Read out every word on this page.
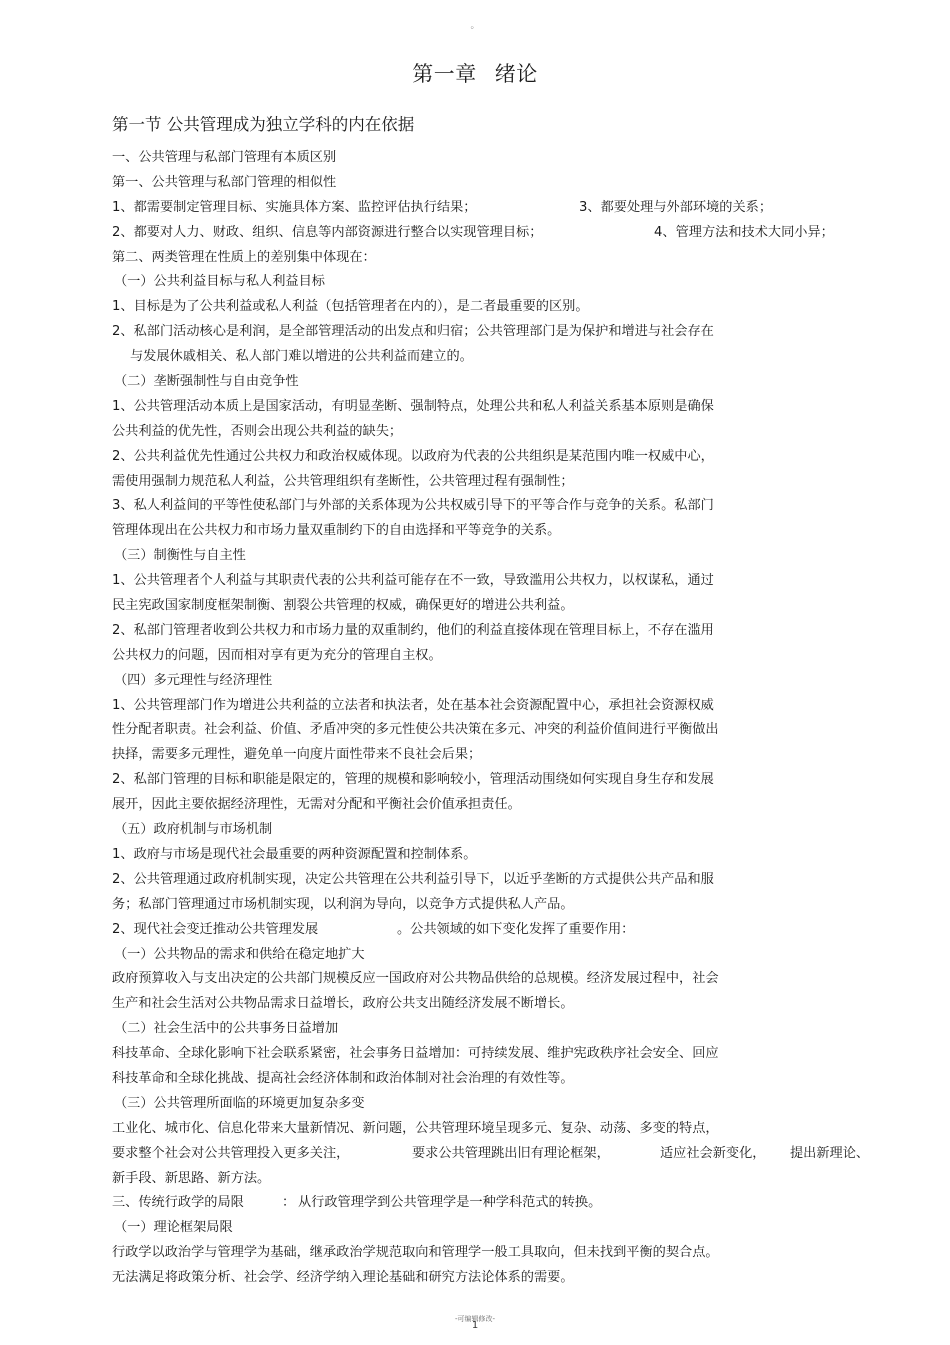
。
第一章 绪论
第一节 公共管理成为独立学科的内在依据
一、公共管理与私部门管理有本质区别
第一、公共管理与私部门管理的相似性
1、都需要制定管理目标、实施具体方案、监控评估执行结果；	3、都要处理与外部环境的关系；
2、都要对人力、财政、组织、信息等内部资源进行整合以实现管理目标；	4、管理方法和技术大同小异；
第二、两类管理在性质上的差别集中体现在：
（一）公共利益目标与私人利益目标
1、目标是为了公共利益或私人利益（包括管理者在内的），是二者最重要的区别。
2、私部门活动核心是利润，是全部管理活动的出发点和归宿；公共管理部门是为保护和增进与社会存在
与发展休戚相关、私人部门难以增进的公共利益而建立的。
（二）垄断强制性与自由竞争性
1、公共管理活动本质上是国家活动，有明显垄断、强制特点，处理公共和私人利益关系基本原则是确保
公共利益的优先性，否则会出现公共利益的缺失；
2、公共利益优先性通过公共权力和政治权威体现。以政府为代表的公共组织是某范围内唯一权威中心，
需使用强制力规范私人利益，公共管理组织有垄断性，公共管理过程有强制性；
3、私人利益间的平等性使私部门与外部的关系体现为公共权威引导下的平等合作与竞争的关系。私部门
管理体现出在公共权力和市场力量双重制约下的自由选择和平等竞争的关系。
（三）制衡性与自主性
1、公共管理者个人利益与其职责代表的公共利益可能存在不一致，导致滥用公共权力，以权谋私，通过
民主宪政国家制度框架制衡、割裂公共管理的权威，确保更好的增进公共利益。
2、私部门管理者收到公共权力和市场力量的双重制约，他们的利益直接体现在管理目标上，不存在滥用
公共权力的问题，因而相对享有更为充分的管理自主权。
（四）多元理性与经济理性
1、公共管理部门作为增进公共利益的立法者和执法者，处在基本社会资源配置中心，承担社会资源权威
性分配者职责。社会利益、价值、矛盾冲突的多元性使公共决策在多元、冲突的利益价值间进行平衡做出
抉择，需要多元理性，避免单一向度片面性带来不良社会后果；
2、私部门管理的目标和职能是限定的，管理的规模和影响较小，管理活动围绕如何实现自身生存和发展
展开，因此主要依据经济理性，无需对分配和平衡社会价值承担责任。
（五）政府机制与市场机制
1、政府与市场是现代社会最重要的两种资源配置和控制体系。
2、公共管理通过政府机制实现，决定公共管理在公共利益引导下，以近乎垄断的方式提供公共产品和服
务；私部门管理通过市场机制实现，以利润为导向，以竞争方式提供私人产品。
2、现代社会变迁推动公共管理发展	。公共领域的如下变化发挥了重要作用：
（一）公共物品的需求和供给在稳定地扩大
政府预算收入与支出决定的公共部门规模反应一国政府对公共物品供给的总规模。经济发展过程中，社会
生产和社会生活对公共物品需求日益增长，政府公共支出随经济发展不断增长。
（二）社会生活中的公共事务日益增加
科技革命、全球化影响下社会联系紧密，社会事务日益增加：可持续发展、维护宪政秩序社会安全、回应
科技革命和全球化挑战、提高社会经济体制和政治体制对社会治理的有效性等。
（三）公共管理所面临的环境更加复杂多变
工业化、城市化、信息化带来大量新情况、新问题，公共管理环境呈现多元、复杂、动荡、多变的特点，
要求整个社会对公共管理投入更多关注，	要求公共管理跳出旧有理论框架，	适应社会新变化， 提出新理论、
新手段、新思路、新方法。
三、传统行政学的局限	： 从行政管理学到公共管理学是一种学科范式的转换。
（一）理论框架局限
行政学以政治学与管理学为基础，继承政治学规范取向和管理学一般工具取向，但未找到平衡的契合点。
无法满足将政策分析、社会学、经济学纳入理论基础和研究方法论体系的需要。
-可编辑修改-
1
